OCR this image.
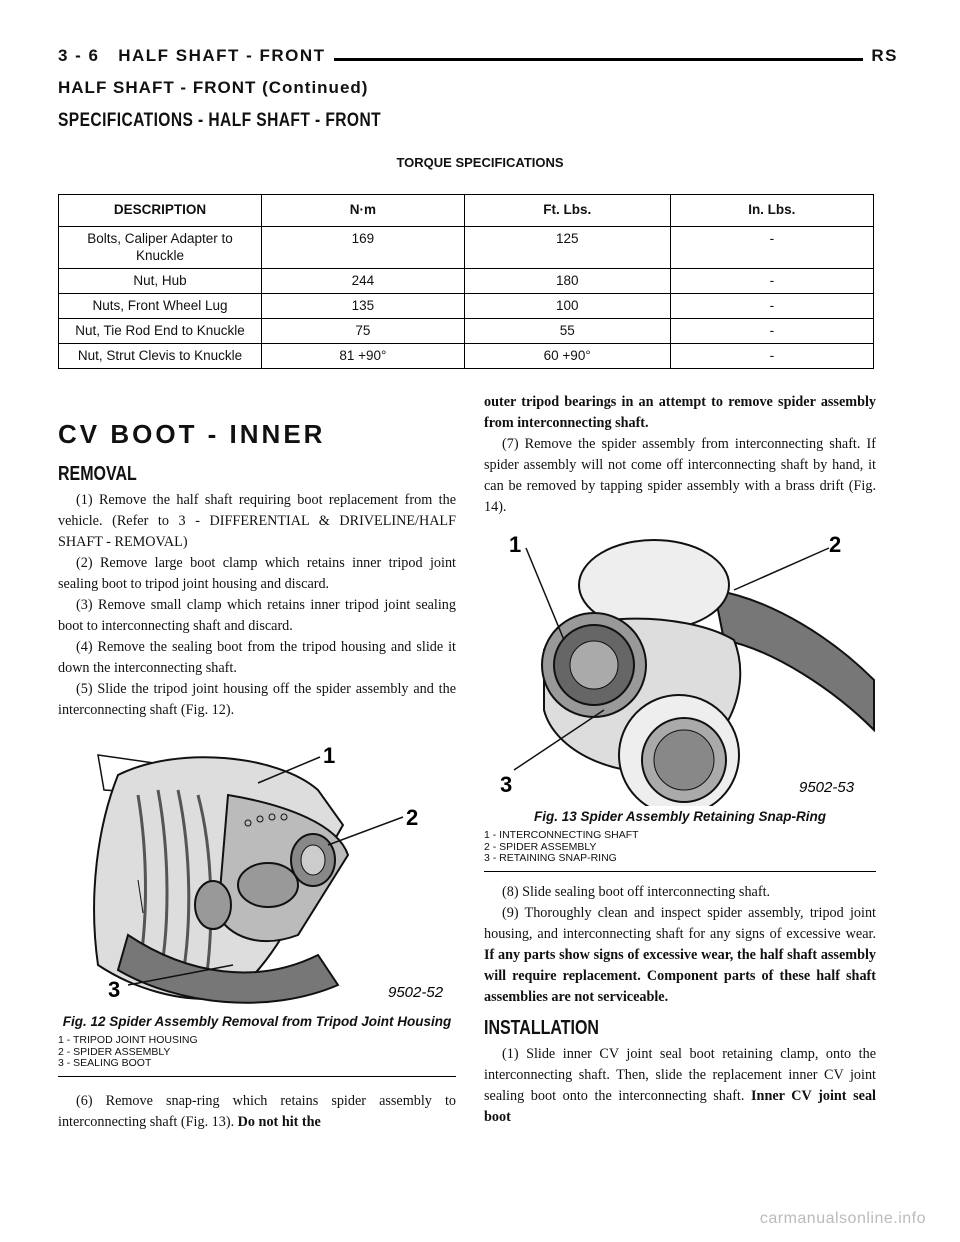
3 - 6 HALF SHAFT - FRONT	RS
HALF SHAFT - FRONT (Continued)
SPECIFICATIONS - HALF SHAFT - FRONT
TORQUE SPECIFICATIONS
DESCRIPTION	N·m	Ft. Lbs.	In. Lbs.
Bolts, Caliper Adapter to Knuckle	169	125	-
Nut, Hub	244	180	-
Nuts, Front Wheel Lug	135	100	-
Nut, Tie Rod End to Knuckle	75	55	-
Nut, Strut Clevis to Knuckle	81 +90°	60 +90°	-
CV BOOT - INNER
REMOVAL

(1) Remove the half shaft requiring boot replacement from the vehicle. (Refer to 3 - DIFFERENTIAL & DRIVELINE/HALF SHAFT - REMOVAL)

(2) Remove large boot clamp which retains inner tripod joint sealing boot to tripod joint housing and discard.

(3) Remove small clamp which retains inner tripod joint sealing boot to interconnecting shaft and discard.

(4) Remove the sealing boot from the tripod housing and slide it down the interconnecting shaft.

(5) Slide the tripod joint housing off the spider assembly and the interconnecting shaft (Fig. 12).

1
2
3	9502-52
Fig. 12 Spider Assembly Removal from Tripod Joint Housing
1 - TRIPOD JOINT HOUSING
2 - SPIDER ASSEMBLY
3 - SEALING BOOT

(6) Remove snap-ring which retains spider assembly to interconnecting shaft (Fig. 13). Do not hit the

outer tripod bearings in an attempt to remove spider assembly from interconnecting shaft.

(7) Remove the spider assembly from interconnecting shaft. If spider assembly will not come off interconnecting shaft by hand, it can be removed by tapping spider assembly with a brass drift (Fig. 14).

1	2
3	9502-53
Fig. 13 Spider Assembly Retaining Snap-Ring
1 - INTERCONNECTING SHAFT
2 - SPIDER ASSEMBLY
3 - RETAINING SNAP-RING

(8) Slide sealing boot off interconnecting shaft.

(9) Thoroughly clean and inspect spider assembly, tripod joint housing, and interconnecting shaft for any signs of excessive wear. If any parts show signs of excessive wear, the half shaft assembly will require replacement. Component parts of these half shaft assemblies are not serviceable.

INSTALLATION

(1) Slide inner CV joint seal boot retaining clamp, onto the interconnecting shaft. Then, slide the replacement inner CV joint sealing boot onto the interconnecting shaft. Inner CV joint seal boot

carmanualsonline.info
